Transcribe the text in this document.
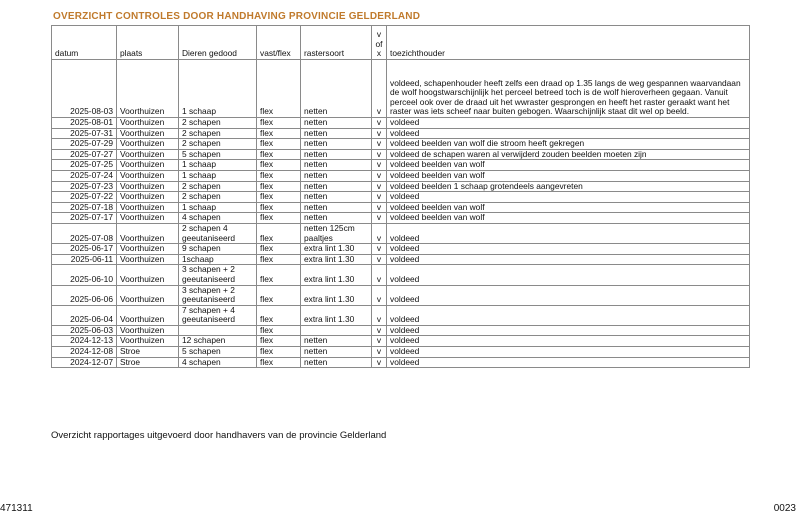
OVERZICHT CONTROLES DOOR HANDHAVING PROVINCIE GELDERLAND
datum	plaats	Dieren gedood	vast/flex	rastersoort	v of x	toezichthouder
2025-08-03	Voorthuizen	1 schaap	flex	netten	v	voldeed, schapenhouder heeft zelfs een draad op 1.35 langs de weg gespannen waarvandaan de wolf hoogstwarschijnlijk het perceel betreed toch is de wolf hieroverheen gegaan. Vanuit perceel ook over de draad uit het wwraster gesprongen en heeft het raster geraakt want het raster was iets scheef naar buiten gebogen. Waarschijnlijk staat dit wel op beeld.
2025-08-01	Voorthuizen	2 schapen	flex	netten	v	voldeed
2025-07-31	Voorthuizen	2 schapen	flex	netten	v	voldeed
2025-07-29	Voorthuizen	2 schapen	flex	netten	v	voldeed beelden van wolf die stroom heeft gekregen
2025-07-27	Voorthuizen	5 schapen	flex	netten	v	voldeed de schapen waren al verwijderd zouden beelden moeten zijn
2025-07-25	Voorthuizen	1 schaap	flex	netten	v	voldeed beelden van wolf
2025-07-24	Voorthuizen	1 schaap	flex	netten	v	voldeed beelden van wolf
2025-07-23	Voorthuizen	2 schapen	flex	netten	v	voldeed beelden 1 schaap grotendeels aangevreten
2025-07-22	Voorthuizen	2 schapen	flex	netten	v	voldeed
2025-07-18	Voorthuizen	1 schaap	flex	netten	v	voldeed beelden van wolf
2025-07-17	Voorthuizen	4 schapen	flex	netten	v	voldeed beelden van wolf
2025-07-08	Voorthuizen	2 schapen 4 geeutaniseerd	flex	netten 125cm paaltjes	v	voldeed
2025-06-17	Voorthuizen	9 schapen	flex	extra lint 1.30	v	voldeed
2025-06-11	Voorthuizen	1schaap	flex	extra lint 1.30	v	voldeed
2025-06-10	Voorthuizen	3 schapen + 2 geeutaniseerd	flex	extra lint 1.30	v	voldeed
2025-06-06	Voorthuizen	3 schapen + 2 geeutaniseerd	flex	extra lint 1.30	v	voldeed
2025-06-04	Voorthuizen	7 schapen + 4 geeutaniseerd	flex	extra lint 1.30	v	voldeed
2025-06-03	Voorthuizen		flex		v	voldeed
2024-12-13	Voorthuizen	12 schapen	flex	netten	v	voldeed
2024-12-08	Stroe	5 schapen	flex	netten	v	voldeed
2024-12-07	Stroe	4 schapen	flex	netten	v	voldeed
Overzicht rapportages uitgevoerd door handhavers van de provincie Gelderland
471311	0023
